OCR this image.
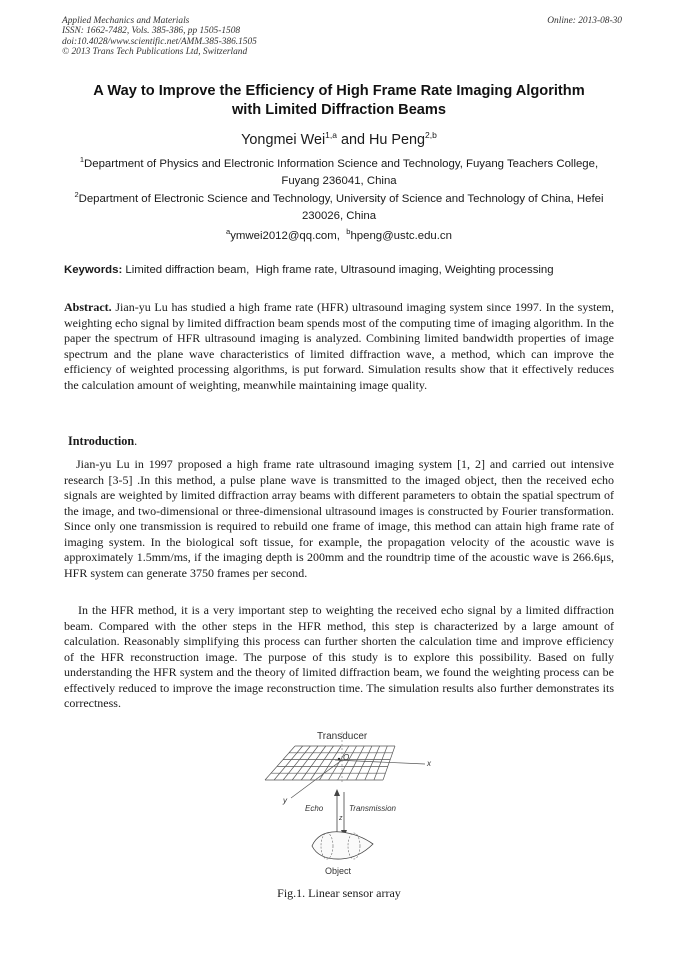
Applied Mechanics and Materials
ISSN: 1662-7482, Vols. 385-386, pp 1505-1508
doi:10.4028/www.scientific.net/AMM.385-386.1505
© 2013 Trans Tech Publications Ltd, Switzerland
Online: 2013-08-30
A Way to Improve the Efficiency of High Frame Rate Imaging Algorithm
with Limited Diffraction Beams
Yongmei Wei$^{1,a}$ and Hu Peng$^{2,b}$
$^1$Department of Physics and Electronic Information Science and Technology, Fuyang Teachers College, Fuyang 236041, China
$^2$Department of Electronic Science and Technology, University of Science and Technology of China, Hefei 230026, China
$^a$ymwei2012@qq.com, $^b$hpeng@ustc.edu.cn
Keywords: Limited diffraction beam,  High frame rate, Ultrasound imaging, Weighting processing
Abstract. Jian-yu Lu has studied a high frame rate (HFR) ultrasound imaging system since 1997. In the system, weighting echo signal by limited diffraction beam spends most of the computing time of imaging algorithm. In the paper the spectrum of HFR ultrasound imaging is analyzed. Combining limited bandwidth properties of image spectrum and the plane wave characteristics of limited diffraction wave, a method, which can improve the efficiency of weighted processing algorithms, is put forward. Simulation results show that it effectively reduces the calculation amount of weighting, meanwhile maintaining image quality.
Introduction.
Jian-yu Lu in 1997 proposed a high frame rate ultrasound imaging system [1, 2] and carried out intensive research [3-5] .In this method, a pulse plane wave is transmitted to the imaged object, then the received echo signals are weighted by limited diffraction array beams with different parameters to obtain the spatial spectrum of the image, and two-dimensional or three-dimensional ultrasound images is constructed by Fourier transformation. Since only one transmission is required to rebuild one frame of image, this method can attain high frame rate of imaging system. In the biological soft tissue, for example, the propagation velocity of the acoustic wave is approximately 1.5mm/ms, if the imaging depth is 200mm and the roundtrip time of the acoustic wave is 266.6μs, HFR system can generate 3750 frames per second.
In the HFR method, it is a very important step to weighting the received echo signal by a limited diffraction beam. Compared with the other steps in the HFR method, this step is characterized by a large amount of calculation. Reasonably simplifying this process can further shorten the calculation time and improve efficiency of the HFR reconstruction image. The purpose of this study is to explore this possibility. Based on fully understanding the HFR system and the theory of limited diffraction beam, we found the weighting process can be effectively reduced to improve the image reconstruction time. The simulation results also further demonstrates its correctness.
Transducer
x
O
y
Echo	Transmission
z
Object
Fig.1. Linear sensor array
